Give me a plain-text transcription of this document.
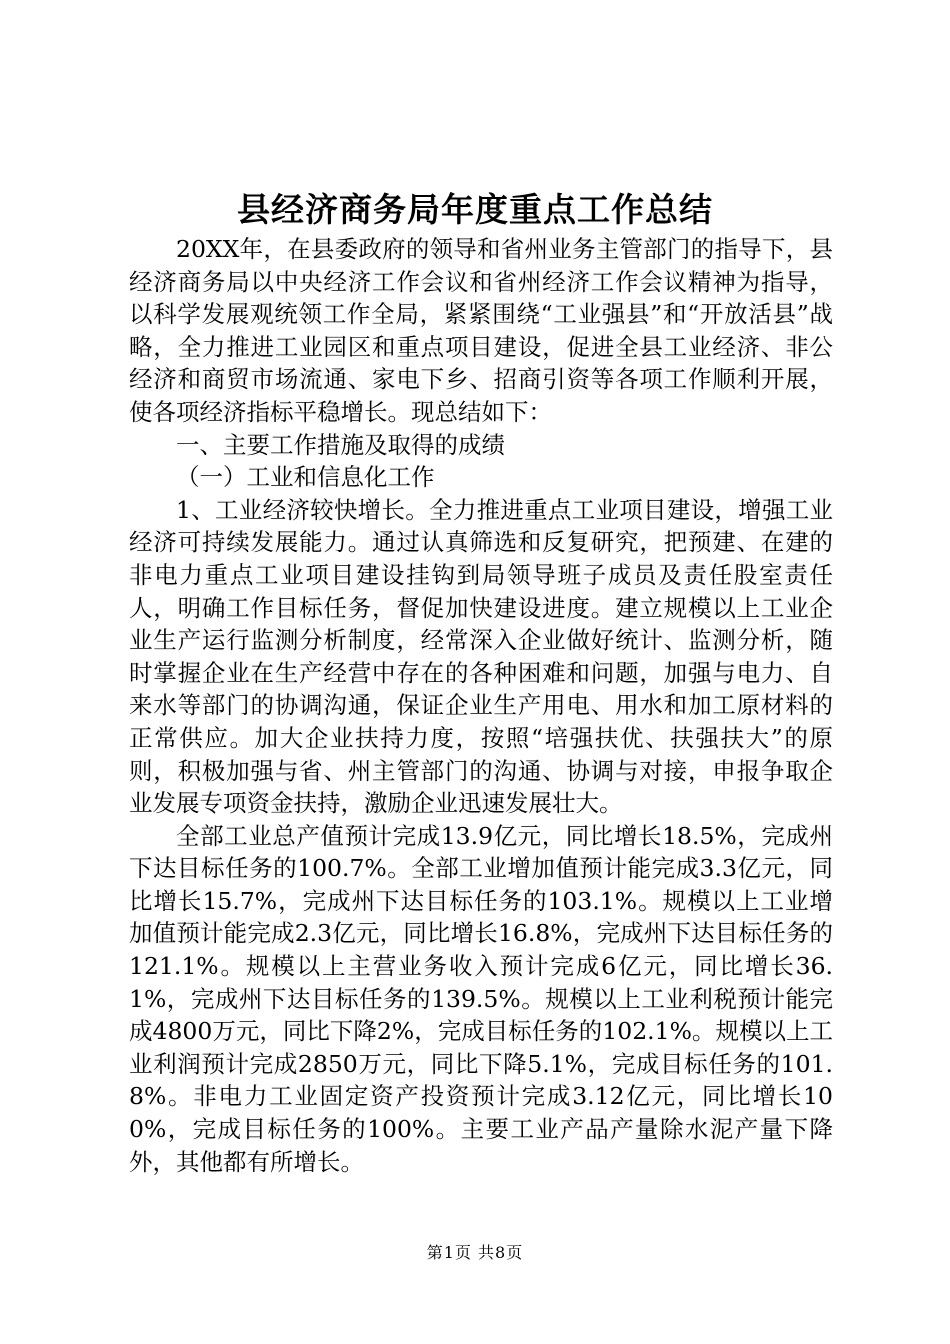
县经济商务局年度重点工作总结

20XX年，在县委政府的领导和省州业务主管部门的指导下，县经济商务局以中央经济工作会议和省州经济工作会议精神为指导，以科学发展观统领工作全局，紧紧围绕“工业强县”和“开放活县”战略，全力推进工业园区和重点项目建设，促进全县工业经济、非公经济和商贸市场流通、家电下乡、招商引资等各项工作顺利开展，使各项经济指标平稳增长。现总结如下：

一、主要工作措施及取得的成绩

（一）工业和信息化工作

1、工业经济较快增长。全力推进重点工业项目建设，增强工业经济可持续发展能力。通过认真筛选和反复研究，把预建、在建的非电力重点工业项目建设挂钩到局领导班子成员及责任股室责任人，明确工作目标任务，督促加快建设进度。建立规模以上工业企业生产运行监测分析制度，经常深入企业做好统计、监测分析，随时掌握企业在生产经营中存在的各种困难和问题，加强与电力、自来水等部门的协调沟通，保证企业生产用电、用水和加工原材料的正常供应。加大企业扶持力度，按照“培强扶优、扶强扶大”的原则，积极加强与省、州主管部门的沟通、协调与对接，申报争取企业发展专项资金扶持，激励企业迅速发展壮大。

全部工业总产值预计完成13.9亿元，同比增长18.5%，完成州下达目标任务的100.7%。全部工业增加值预计能完成3.3亿元，同比增长15.7%，完成州下达目标任务的103.1%。规模以上工业增加值预计能完成2.3亿元，同比增长16.8%，完成州下达目标任务的121.1%。规模以上主营业务收入预计完成6亿元，同比增长36.1%，完成州下达目标任务的139.5%。规模以上工业利税预计能完成4800万元，同比下降2%，完成目标任务的102.1%。规模以上工业利润预计完成2850万元，同比下降5.1%，完成目标任务的101.8%。非电力工业固定资产投资预计完成3.12亿元，同比增长100%，完成目标任务的100%。主要工业产品产量除水泥产量下降外，其他都有所增长。

第1页 共8页
